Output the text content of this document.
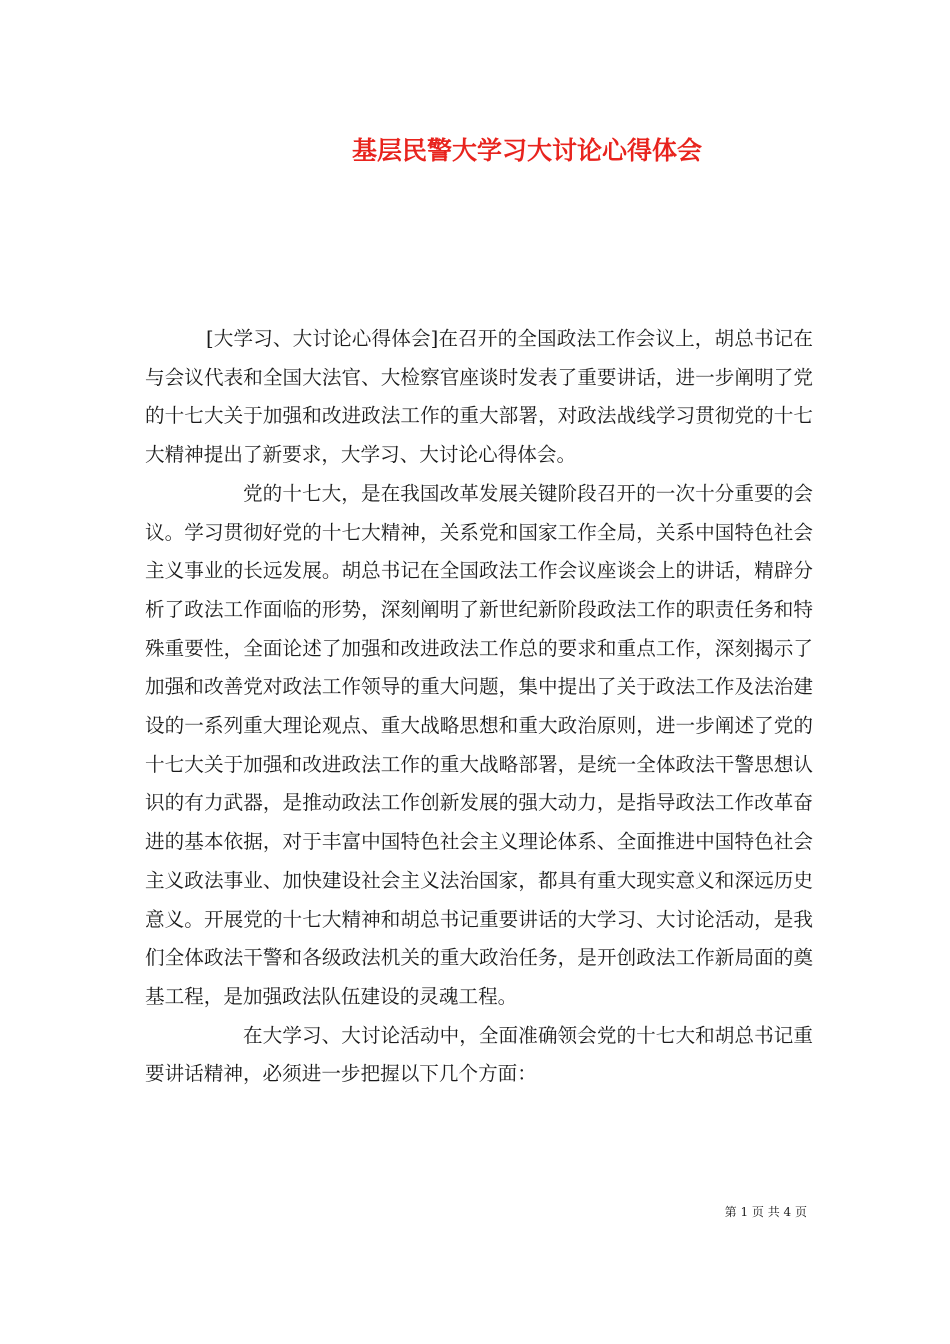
基层民警大学习大讨论心得体会

[大学习、大讨论心得体会]在召开的全国政法工作会议上，胡总书记在与会议代表和全国大法官、大检察官座谈时发表了重要讲话，进一步阐明了党的十七大关于加强和改进政法工作的重大部署，对政法战线学习贯彻党的十七大精神提出了新要求，大学习、大讨论心得体会。

党的十七大，是在我国改革发展关键阶段召开的一次十分重要的会议。学习贯彻好党的十七大精神，关系党和国家工作全局，关系中国特色社会主义事业的长远发展。胡总书记在全国政法工作会议座谈会上的讲话，精辟分析了政法工作面临的形势，深刻阐明了新世纪新阶段政法工作的职责任务和特殊重要性，全面论述了加强和改进政法工作总的要求和重点工作，深刻揭示了加强和改善党对政法工作领导的重大问题，集中提出了关于政法工作及法治建设的一系列重大理论观点、重大战略思想和重大政治原则，进一步阐述了党的十七大关于加强和改进政法工作的重大战略部署，是统一全体政法干警思想认识的有力武器，是推动政法工作创新发展的强大动力，是指导政法工作改革奋进的基本依据，对于丰富中国特色社会主义理论体系、全面推进中国特色社会主义政法事业、加快建设社会主义法治国家，都具有重大现实意义和深远历史意义。开展党的十七大精神和胡总书记重要讲话的大学习、大讨论活动，是我们全体政法干警和各级政法机关的重大政治任务，是开创政法工作新局面的奠基工程，是加强政法队伍建设的灵魂工程。

在大学习、大讨论活动中，全面准确领会党的十七大和胡总书记重要讲话精神，必须进一步把握以下几个方面：

第 1 页 共 4 页
